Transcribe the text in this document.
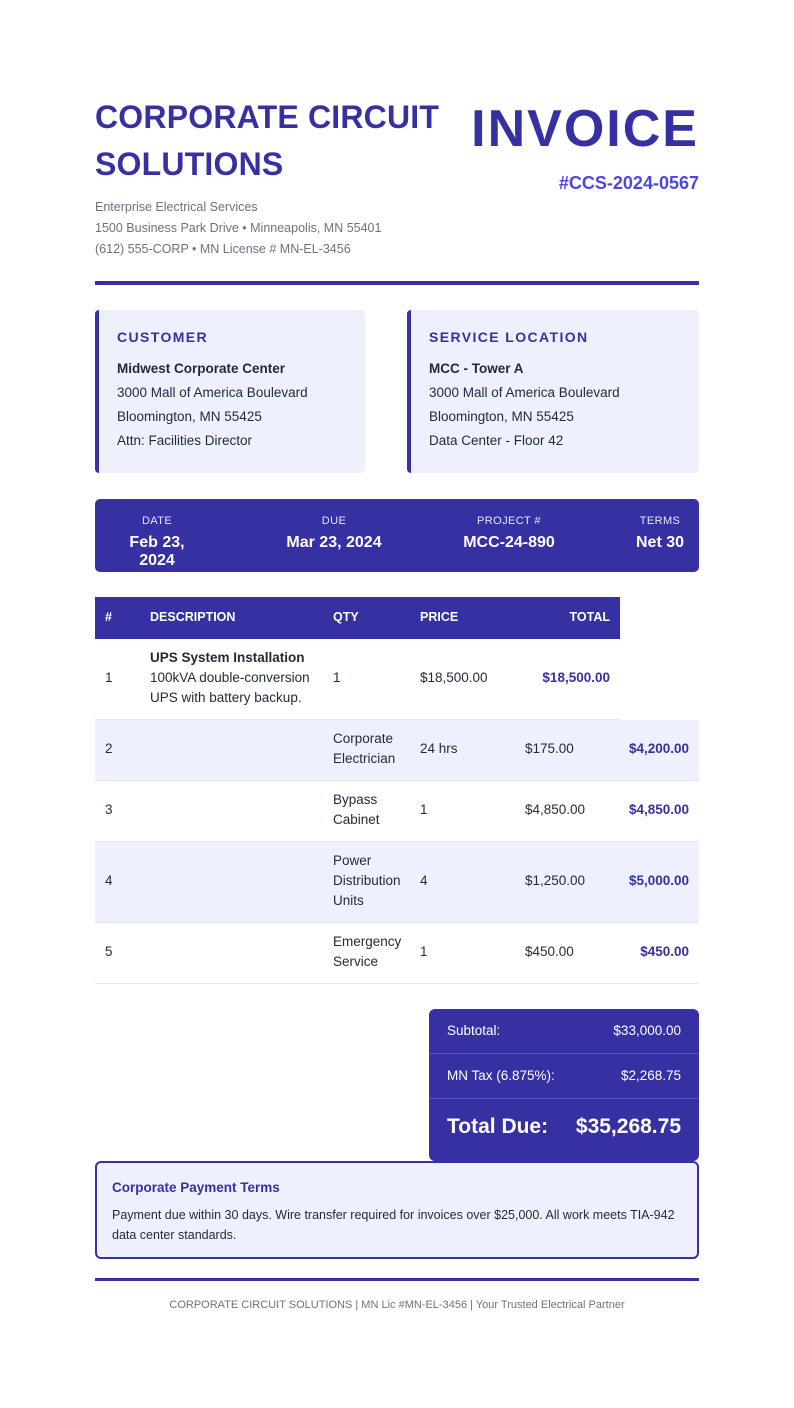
CORPORATE CIRCUIT SOLUTIONS
Enterprise Electrical Services
1500 Business Park Drive • Minneapolis, MN 55401
(612) 555-CORP • MN License # MN-EL-3456
INVOICE
#CCS-2024-0567
CUSTOMER
Midwest Corporate Center
3000 Mall of America Boulevard
Bloomington, MN 55425
Attn: Facilities Director
SERVICE LOCATION
MCC - Tower A
3000 Mall of America Boulevard
Bloomington, MN 55425
Data Center - Floor 42
DATE
Feb 23, 2024
DUE
Mar 23, 2024
PROJECT #
MCC-24-890
TERMS
Net 30
#	DESCRIPTION	QTY	PRICE	TOTAL
1
UPS System Installation
100kVA double-conversion UPS with battery backup.
1	$18,500.00	$18,500.00
2
Corporate Electrician
24 hrs	$175.00	$4,200.00
3
Bypass Cabinet
1	$4,850.00	$4,850.00
4
Power Distribution Units
4	$1,250.00	$5,000.00
5
Emergency Service
1	$450.00	$450.00
Subtotal:	$33,000.00
MN Tax (6.875%):	$2,268.75
Total Due: $35,268.75
Corporate Payment Terms
Payment due within 30 days. Wire transfer required for invoices over $25,000. All work meets TIA-942 data center standards.
CORPORATE CIRCUIT SOLUTIONS | MN Lic #MN-EL-3456 | Your Trusted Electrical Partner
